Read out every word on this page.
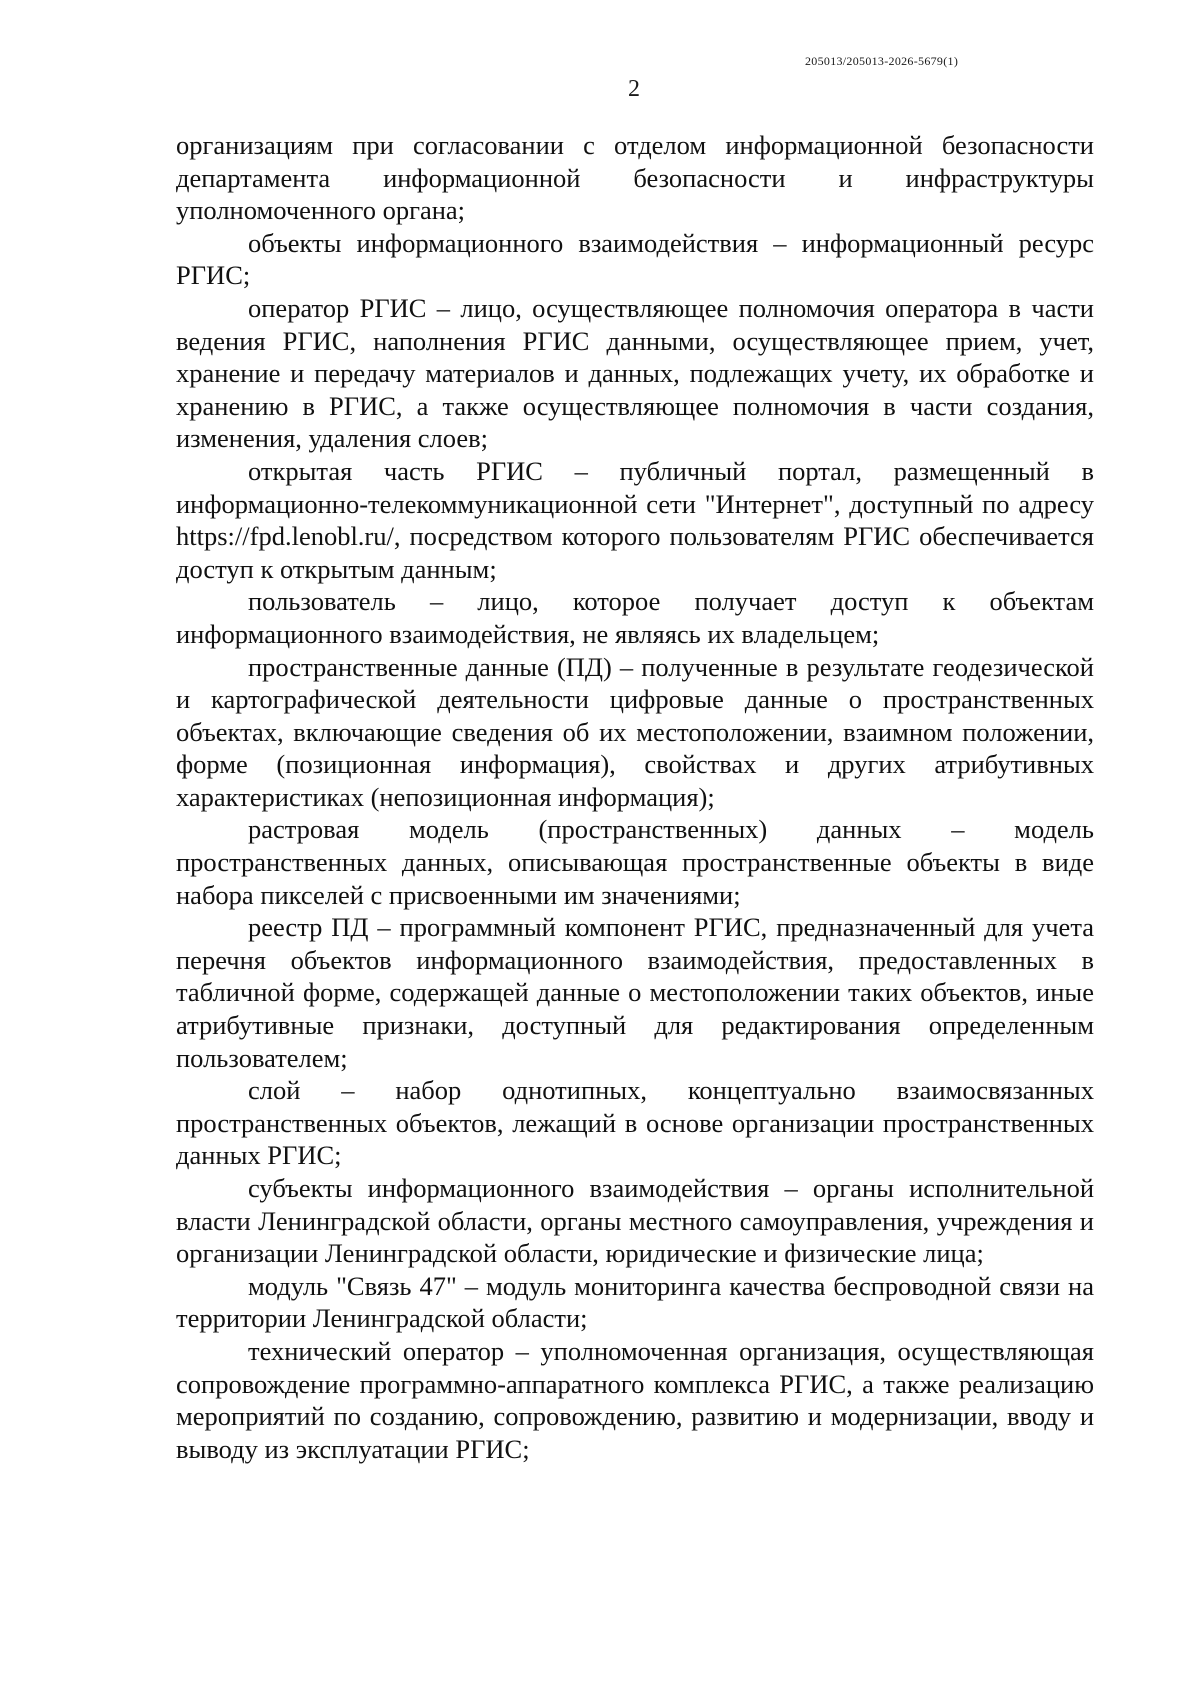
205013/205013-2026-5679(1)
2

организациям при согласовании с отделом информационной безопасности департамента информационной безопасности и инфраструктуры уполномоченного органа;

объекты информационного взаимодействия – информационный ресурс РГИС;

оператор РГИС – лицо, осуществляющее полномочия оператора в части ведения РГИС, наполнения РГИС данными, осуществляющее прием, учет, хранение и передачу материалов и данных, подлежащих учету, их обработке и хранению в РГИС, а также осуществляющее полномочия в части создания, изменения, удаления слоев;

открытая часть РГИС – публичный портал, размещенный в информационно-телекоммуникационной сети "Интернет", доступный по адресу https://fpd.lenobl.ru/, посредством которого пользователям РГИС обеспечивается доступ к открытым данным;

пользователь – лицо, которое получает доступ к объектам информационного взаимодействия, не являясь их владельцем;

пространственные данные (ПД) – полученные в результате геодезической и картографической деятельности цифровые данные о пространственных объектах, включающие сведения об их местоположении, взаимном положении, форме (позиционная информация), свойствах и других атрибутивных характеристиках (непозиционная информация);

растровая модель (пространственных) данных – модель пространственных данных, описывающая пространственные объекты в виде набора пикселей с присвоенными им значениями;

реестр ПД – программный компонент РГИС, предназначенный для учета перечня объектов информационного взаимодействия, предоставленных в табличной форме, содержащей данные о местоположении таких объектов, иные атрибутивные признаки, доступный для редактирования определенным пользователем;

слой – набор однотипных, концептуально взаимосвязанных пространственных объектов, лежащий в основе организации пространственных данных РГИС;

субъекты информационного взаимодействия – органы исполнительной власти Ленинградской области, органы местного самоуправления, учреждения и организации Ленинградской области, юридические и физические лица;

модуль "Связь 47" – модуль мониторинга качества беспроводной связи на территории Ленинградской области;

технический оператор – уполномоченная организация, осуществляющая сопровождение программно-аппаратного комплекса РГИС, а также реализацию мероприятий по созданию, сопровождению, развитию и модернизации, вводу и выводу из эксплуатации РГИС;
